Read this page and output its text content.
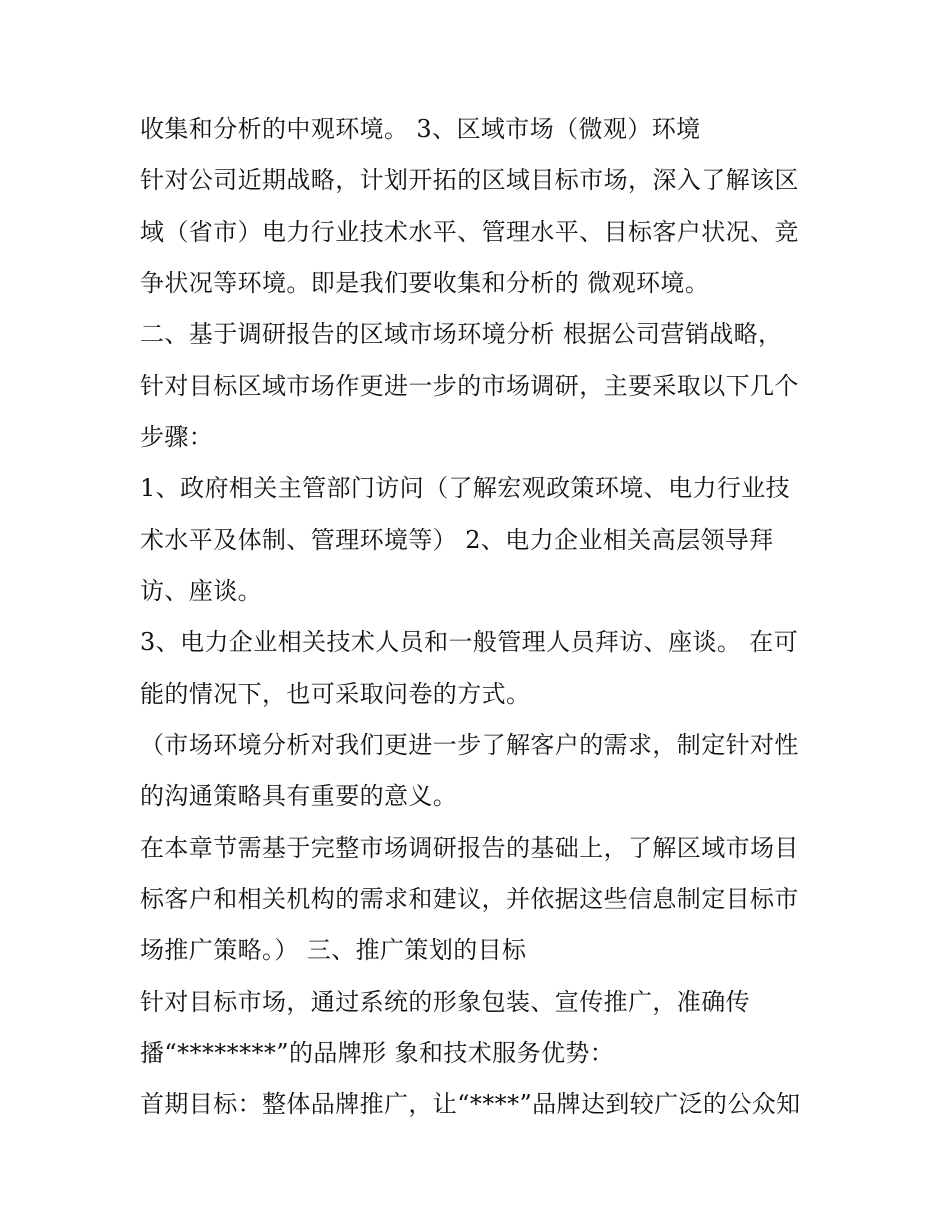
收集和分析的中观环境。 3、区域市场（微观）环境
针对公司近期战略，计划开拓的区域目标市场，深入了解该区
域（省市）电力行业技术水平、管理水平、目标客户状况、竞
争状况等环境。即是我们要收集和分析的 微观环境。
二、基于调研报告的区域市场环境分析 根据公司营销战略，
针对目标区域市场作更进一步的市场调研，主要采取以下几个
步骤：
1、政府相关主管部门访问（了解宏观政策环境、电力行业技
术水平及体制、管理环境等） 2、电力企业相关高层领导拜
访、座谈。
3、电力企业相关技术人员和一般管理人员拜访、座谈。 在可
能的情况下，也可采取问卷的方式。
（市场环境分析对我们更进一步了解客户的需求，制定针对性
的沟通策略具有重要的意义。
在本章节需基于完整市场调研报告的基础上，了解区域市场目
标客户和相关机构的需求和建议，并依据这些信息制定目标市
场推广策略。） 三、推广策划的目标
针对目标市场，通过系统的形象包装、宣传推广，准确传
播“********”的品牌形 象和技术服务优势：
首期目标：整体品牌推广，让“****”品牌达到较广泛的公众知
